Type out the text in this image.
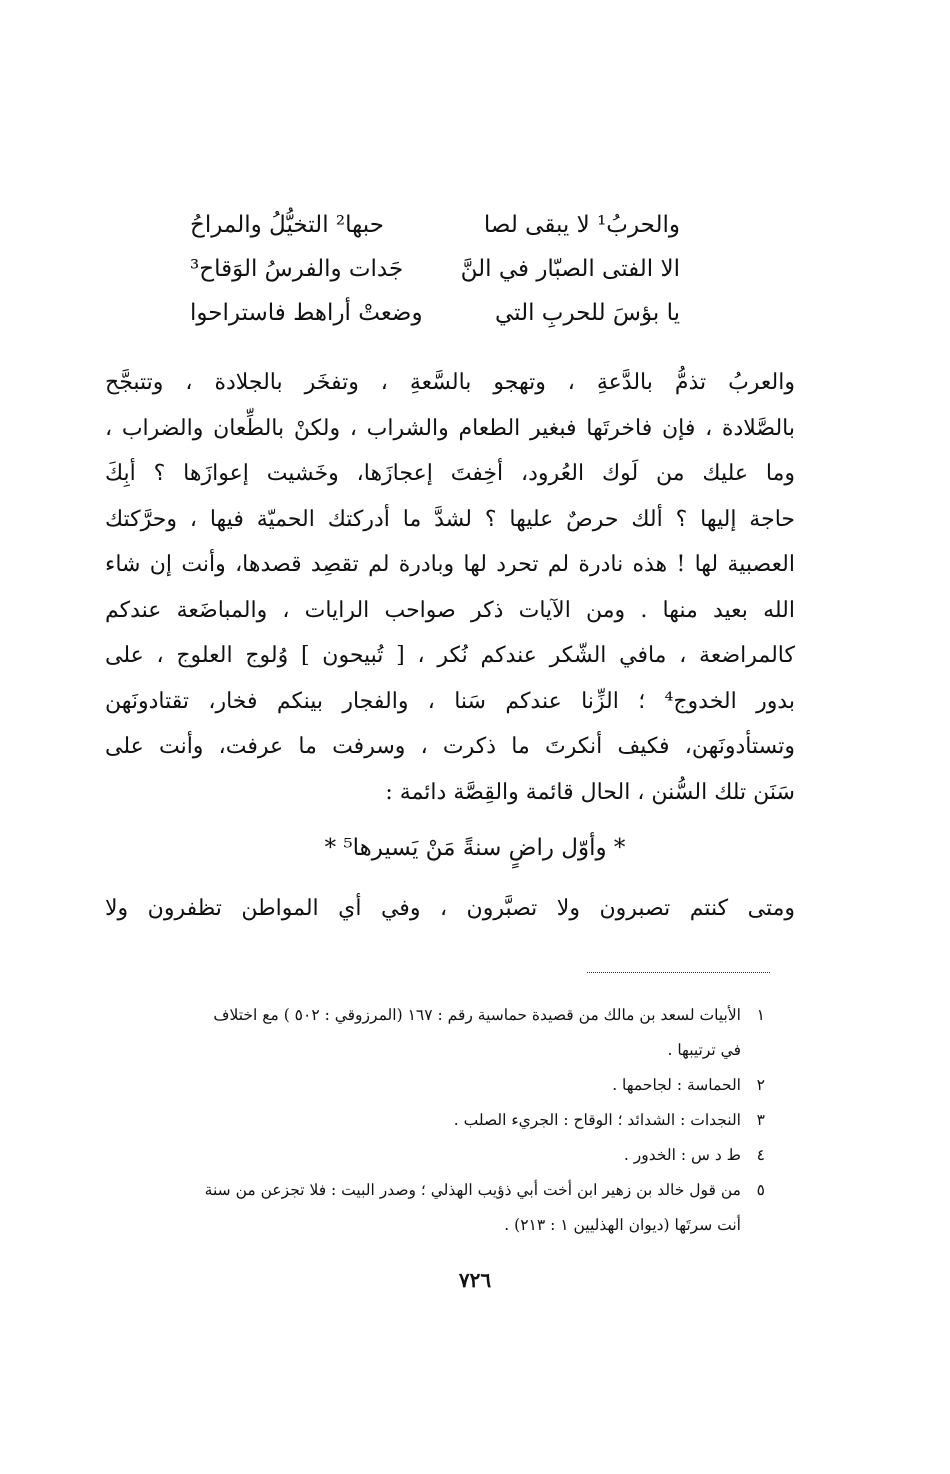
والحربُ¹ لا يبقى لصا
حبها² التخيُّلُ والمراحُ
الا الفتى الصبّار في النَّ
جَدات والفرسُ الوَقاح³
يا بؤسَ للحربِ التي
وضعتْ أراهط فاستراحوا
والعربُ تذمُّ بالدَّعةِ ، وتهجو بالسَّعةِ ، وتفخَر بالجلادة ، وتتبجَّح
بالصَّلادة ، فإن فاخرتَها فبغير الطعام والشراب ، ولكنْ بالطِّعان والضراب ،
وما عليك من لَوك العُرود، أخِفتَ إعجازَها، وخَشيت إعوازَها ؟ أبِكَ
حاجة إليها ؟ ألك حرصٌ عليها ؟ لشدَّ ما أدركتك الحميّة فيها ، وحرَّكتك
العصبية لها ! هذه نادرة لم تحرد لها وبادرة لم تقصِد قصدها، وأنت إن شاء
الله بعيد منها . ومن الآيات ذكر صواحب الرايات ، والمباضَعة عندكم
كالمراضعة ، مافي الشّكر عندكم نُكر ، [ تُبيحون ] وُلوج العلوج ، على
بدور الخدوج⁴ ؛ الزِّنا عندكم سَنا ، والفجار بينكم فخار، تقتادونَهن
وتستأدونَهن، فكيف أنكرتَ ما ذكرت ، وسرفت ما عرفت، وأنت على
سَنَن تلك السُّنن ، الحال قائمة والقِصَّة دائمة :
* وأوّل راضٍ سنةً مَنْ يَسيرها⁵ *
ومتى كنتم تصبرون ولا تصبَّرون ، وفي أي المواطن تظفرون ولا
١
الأبيات لسعد بن مالك من قصيدة حماسية رقم : ١٦٧ (المرزوقي : ٥٠٢ ) مع اختلاف
في ترتيبها .
٢
الحماسة : لجاحمها .
٣
النجدات : الشدائد ؛ الوقاح : الجريء الصلب .
٤
ط د س : الخدور .
٥
من قول خالد بن زهير ابن أخت أبي ذؤيب الهذلي ؛ وصدر البيت : فلا تجزعن من سنة
أنت سرتَها (ديوان الهذليين ١ : ٢١٣) .
٧٢٦
